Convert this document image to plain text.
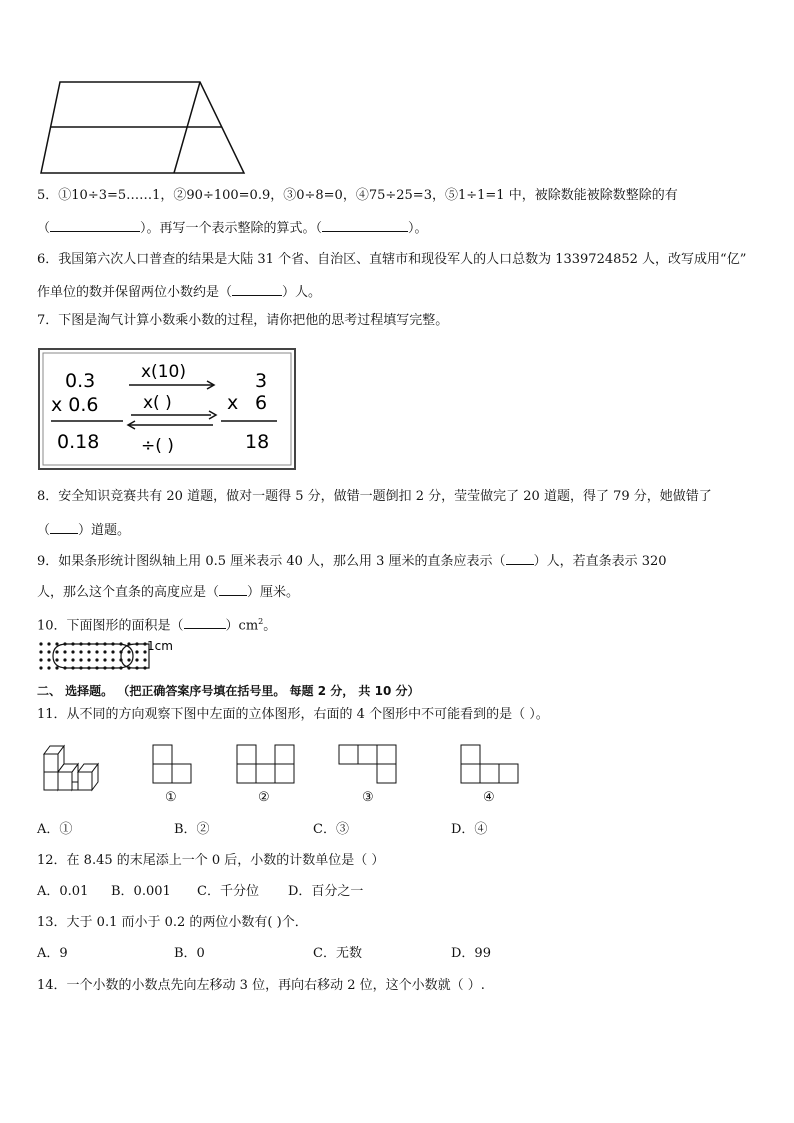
5．①10÷3=5……1，②90÷100=0.9，③0÷8=0，④75÷25=3，⑤1÷1=1 中，被除数能被除数整除的有
（	）。再写一个表示整除的算式。（	）。
6．我国第六次人口普查的结果是大陆 31 个省、自治区、直辖市和现役军人的人口总数为 1339724852 人，改写成用“亿”
作单位的数并保留两位小数约是（	）人。
7．下图是淘气计算小数乘小数的过程，请你把他的思考过程填写完整。
0.3
x 0.6
0.18
x(10)
x( )
÷( )
x
3
6
18
8．安全知识竞赛共有 20 道题，做对一题得 5 分，做错一题倒扣 2 分，莹莹做完了 20 道题，得了 79 分，她做错了
（ ）道题。
9．如果条形统计图纵轴上用 0.5 厘米表示 40 人，那么用 3 厘米的直条应表示（ ）人，若直条表示 320
人，那么这个直条的高度应是（ ）厘米。
10．下面图形的面积是（	）$cm^2$。
1cm
二、 选择题。 （把正确答案序号填在括号里。 每题 2 分， 共 10 分）
11．从不同的方向观察下图中左面的立体图形，右面的 4 个图形中不可能看到的是（ ）。
①	②	③	④
A．①	B．②	C．③	D．④
12．在 8.45 的末尾添上一个 0 后，小数的计数单位是（ ）
A．0.01 B．0.001 C．千分位 D．百分之一
13．大于 0.1 而小于 0.2 的两位小数有( )个．
A．9	B．0	C．无数	D．99
14．一个小数的小数点先向左移动 3 位，再向右移动 2 位，这个小数就（ ）.
